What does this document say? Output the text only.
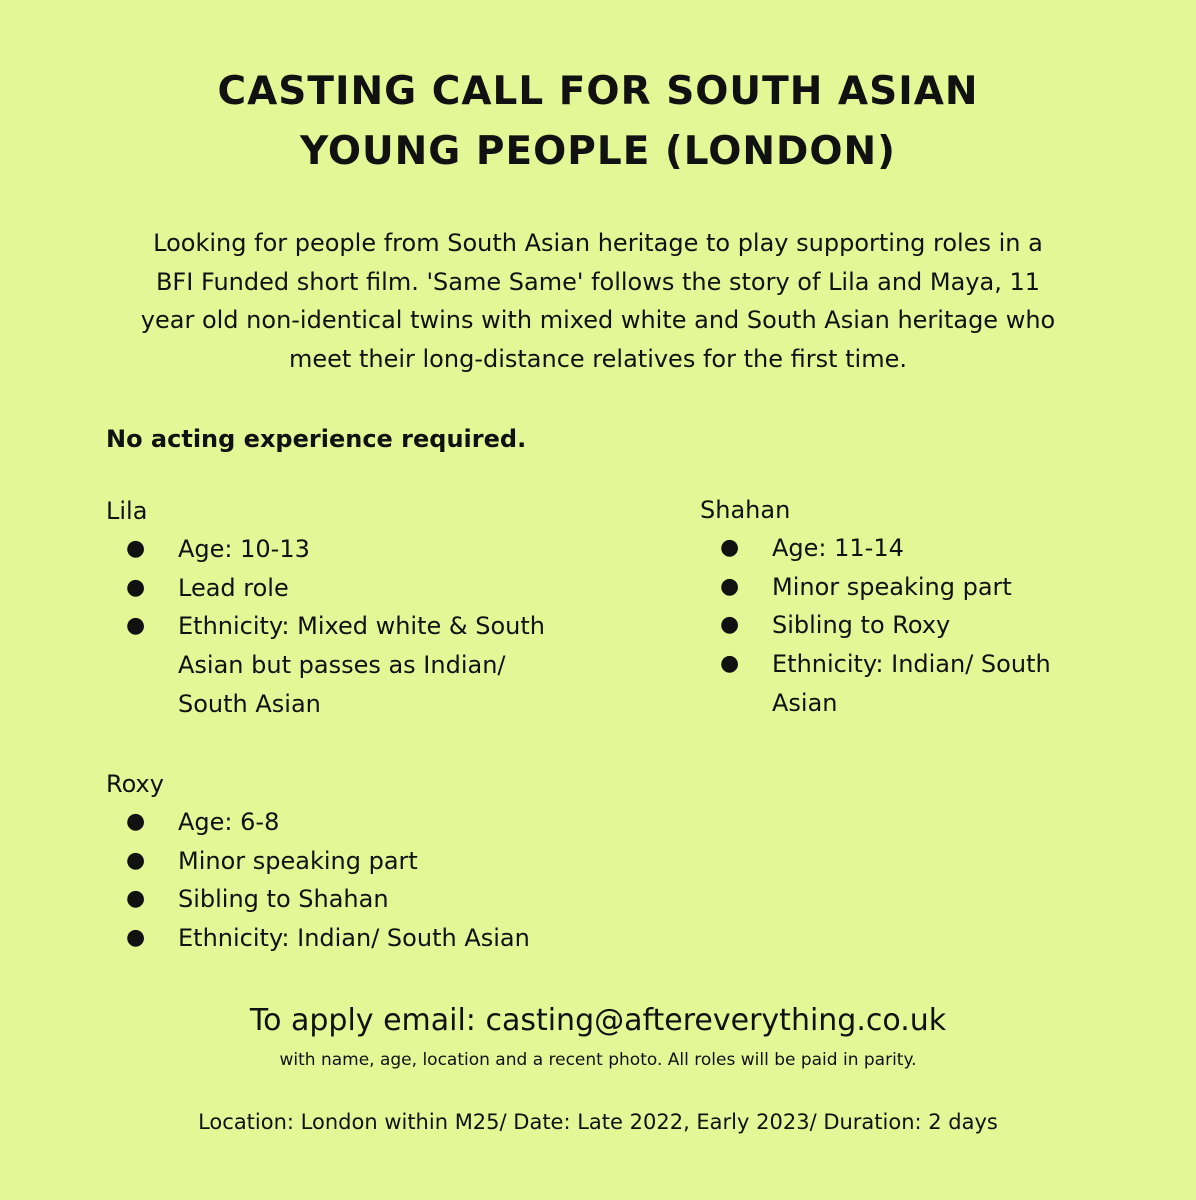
CASTING CALL FOR SOUTH ASIAN
YOUNG PEOPLE (LONDON)
Looking for people from South Asian heritage to play supporting roles in a
BFI Funded short film. 'Same Same' follows the story of Lila and Maya, 11
year old non-identical twins with mixed white and South Asian heritage who
meet their long-distance relatives for the first time.
No acting experience required.

Lila

● Age: 10-13
● Lead role
● Ethnicity: Mixed white & South
Asian but passes as Indian/
South Asian

Shahan

● Age: 11-14
● Minor speaking part
● Sibling to Roxy
● Ethnicity: Indian/ South
Asian

Roxy

● Age: 6-8
● Minor speaking part
● Sibling to Shahan
● Ethnicity: Indian/ South Asian
To apply email: casting@aftereverything.co.uk
with name, age, location and a recent photo. All roles will be paid in parity.
Location: London within M25/ Date: Late 2022, Early 2023/ Duration: 2 days
